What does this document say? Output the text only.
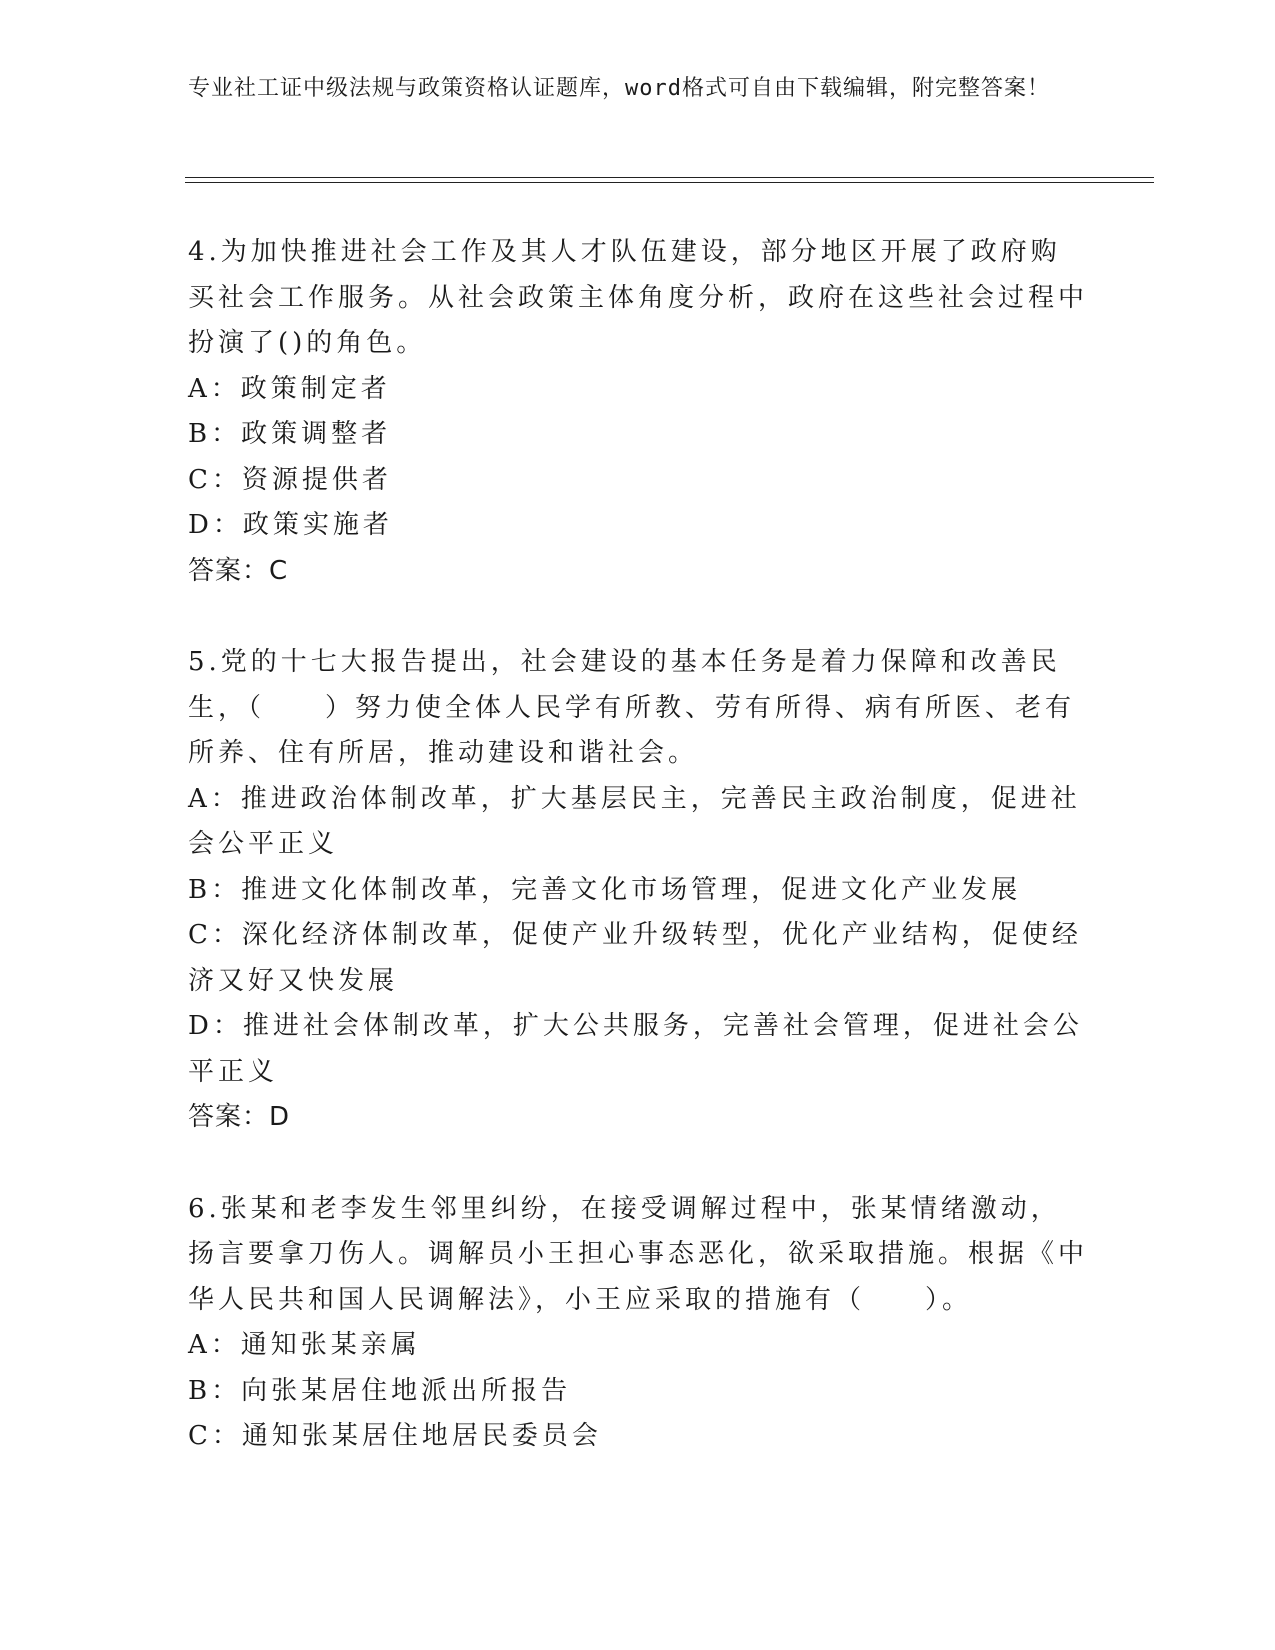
专业社工证中级法规与政策资格认证题库，word格式可自由下载编辑，附完整答案！

4.为加快推进社会工作及其人才队伍建设，部分地区开展了政府购买社会工作服务。从社会政策主体角度分析，政府在这些社会过程中扮演了()的角色。

A：政策制定者

B：政策调整者

C：资源提供者

D：政策实施者

答案：C

5.党的十七大报告提出，社会建设的基本任务是着力保障和改善民生，（　　）努力使全体人民学有所教、劳有所得、病有所医、老有所养、住有所居，推动建设和谐社会。

A：推进政治体制改革，扩大基层民主，完善民主政治制度，促进社会公平正义

B：推进文化体制改革，完善文化市场管理，促进文化产业发展

C：深化经济体制改革，促使产业升级转型，优化产业结构，促使经济又好又快发展

D：推进社会体制改革，扩大公共服务，完善社会管理，促进社会公平正义

答案：D

6.张某和老李发生邻里纠纷，在接受调解过程中，张某情绪激动，扬言要拿刀伤人。调解员小王担心事态恶化，欲采取措施。根据《中华人民共和国人民调解法》，小王应采取的措施有（　　）。

A：通知张某亲属

B：向张某居住地派出所报告

C：通知张某居住地居民委员会
